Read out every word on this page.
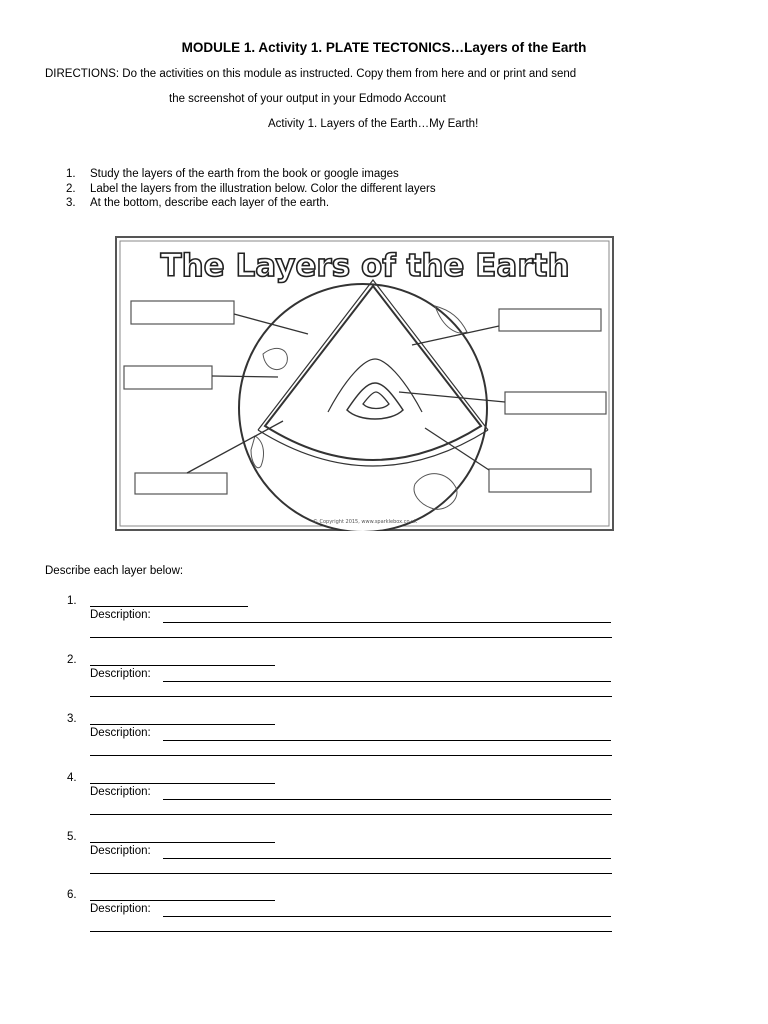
MODULE 1. Activity 1. PLATE TECTONICS…Layers of the Earth
DIRECTIONS: Do the activities on this module as instructed. Copy them from here and or print and send
the screenshot of your output in your Edmodo Account
Activity 1. Layers of the Earth…My Earth!
1. Study the layers of the earth from the book or google images
2. Label the layers from the illustration below. Color the different layers
3. At the bottom, describe each layer of the earth.
The Layers of the Earth
© Copyright 2015, www.sparklebox.co.uk
Describe each layer below:
1.
Description:
2.
Description:
3.
Description:
4.
Description:
5.
Description:
6.
Description:
